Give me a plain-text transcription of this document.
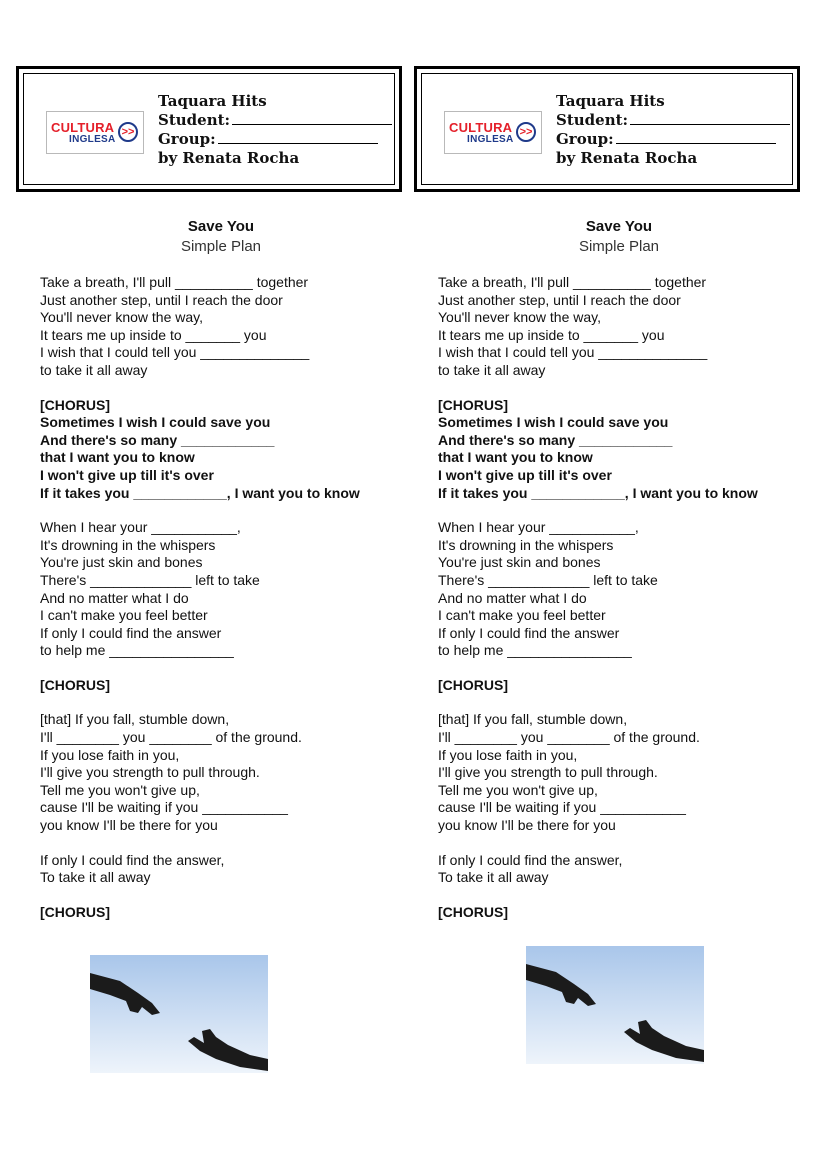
CULTURA
INGLESA
>>
Taquara Hits
Student:
Group:
by Renata Rocha
Save You
Simple Plan
Take a breath, I'll pull __________ together
Just another step, until I reach the door
You'll never know the way,
It tears me up inside to _______ you
I wish that I could tell you ______________
to take it all away
[CHORUS]
Sometimes I wish I could save you
And there's so many ____________
that I want you to know
I won't give up till it's over
If it takes you ____________, I want you to know
When I hear your ___________,
It's drowning in the whispers
You're just skin and bones
There's _____________ left to take
And no matter what I do
I can't make you feel better
If only I could find the answer
to help me ________________
[CHORUS]
[that] If you fall, stumble down,
I'll ________ you ________ of the ground.
If you lose faith in you,
I'll give you strength to pull through.
Tell me you won't give up,
cause I'll be waiting if you ___________
you know I'll be there for you
If only I could find the answer,
To take it all away
[CHORUS]
CULTURA
INGLESA
>>
Taquara Hits
Student:
Group:
by Renata Rocha
Save You
Simple Plan
Take a breath, I'll pull __________ together
Just another step, until I reach the door
You'll never know the way,
It tears me up inside to _______ you
I wish that I could tell you ______________
to take it all away
[CHORUS]
Sometimes I wish I could save you
And there's so many ____________
that I want you to know
I won't give up till it's over
If it takes you ____________, I want you to know
When I hear your ___________,
It's drowning in the whispers
You're just skin and bones
There's _____________ left to take
And no matter what I do
I can't make you feel better
If only I could find the answer
to help me ________________
[CHORUS]
[that] If you fall, stumble down,
I'll ________ you ________ of the ground.
If you lose faith in you,
I'll give you strength to pull through.
Tell me you won't give up,
cause I'll be waiting if you ___________
you know I'll be there for you
If only I could find the answer,
To take it all away
[CHORUS]
